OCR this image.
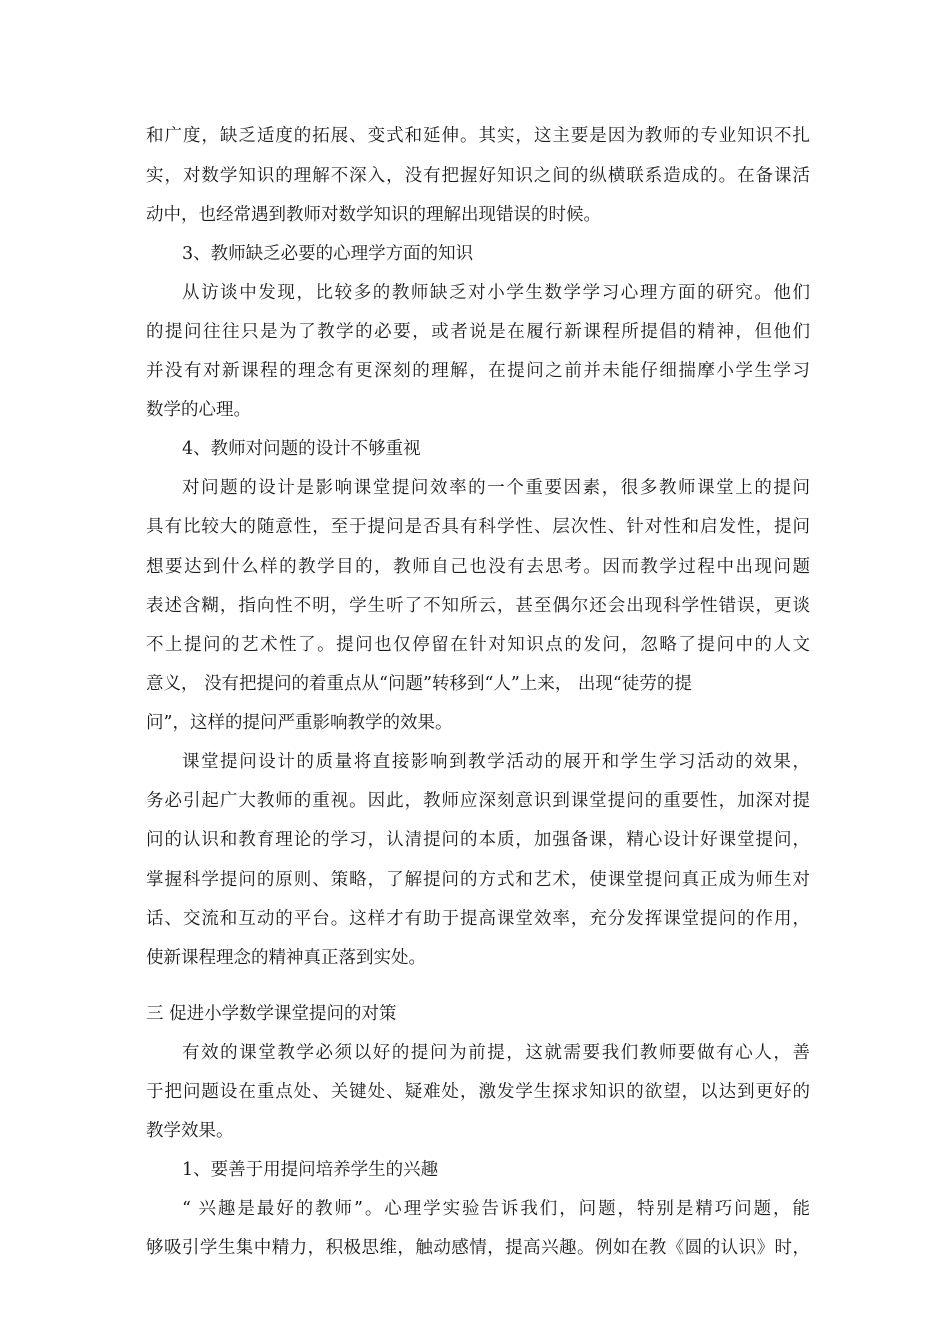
和广度，缺乏适度的拓展、变式和延伸。其实，这主要是因为教师的专业知识不扎
实，对数学知识的理解不深入，没有把握好知识之间的纵横联系造成的。在备课活
动中，也经常遇到教师对数学知识的理解出现错误的时候。
3、教师缺乏必要的心理学方面的知识
从访谈中发现，比较多的教师缺乏对小学生数学学习心理方面的研究。他们
的提问往往只是为了教学的必要，或者说是在履行新课程所提倡的精神，但他们
并没有对新课程的理念有更深刻的理解，在提问之前并未能仔细揣摩小学生学习
数学的心理。
4、教师对问题的设计不够重视
对问题的设计是影响课堂提问效率的一个重要因素，很多教师课堂上的提问
具有比较大的随意性，至于提问是否具有科学性、层次性、针对性和启发性，提问
想要达到什么样的教学目的，教师自己也没有去思考。因而教学过程中出现问题
表述含糊，指向性不明，学生听了不知所云，甚至偶尔还会出现科学性错误，更谈
不上提问的艺术性了。提问也仅停留在针对知识点的发问，忽略了提问中的人文
意义， 没有把提问的着重点从“问题”转移到“人”上来， 出现“徒劳的提
问”，这样的提问严重影响教学的效果。
课堂提问设计的质量将直接影响到教学活动的展开和学生学习活动的效果，
务必引起广大教师的重视。因此，教师应深刻意识到课堂提问的重要性，加深对提
问的认识和教育理论的学习，认清提问的本质，加强备课，精心设计好课堂提问，
掌握科学提问的原则、策略，了解提问的方式和艺术，使课堂提问真正成为师生对
话、交流和互动的平台。这样才有助于提高课堂效率，充分发挥课堂提问的作用，
使新课程理念的精神真正落到实处。
三 促进小学数学课堂提问的对策
有效的课堂教学必须以好的提问为前提，这就需要我们教师要做有心人，善
于把问题设在重点处、关键处、疑难处，激发学生探求知识的欲望，以达到更好的
教学效果。
1、要善于用提问培养学生的兴趣
“ 兴趣是最好的教师”。心理学实验告诉我们，问题，特别是精巧问题，能
够吸引学生集中精力，积极思维，触动感情，提高兴趣。例如在教《圆的认识》时，
